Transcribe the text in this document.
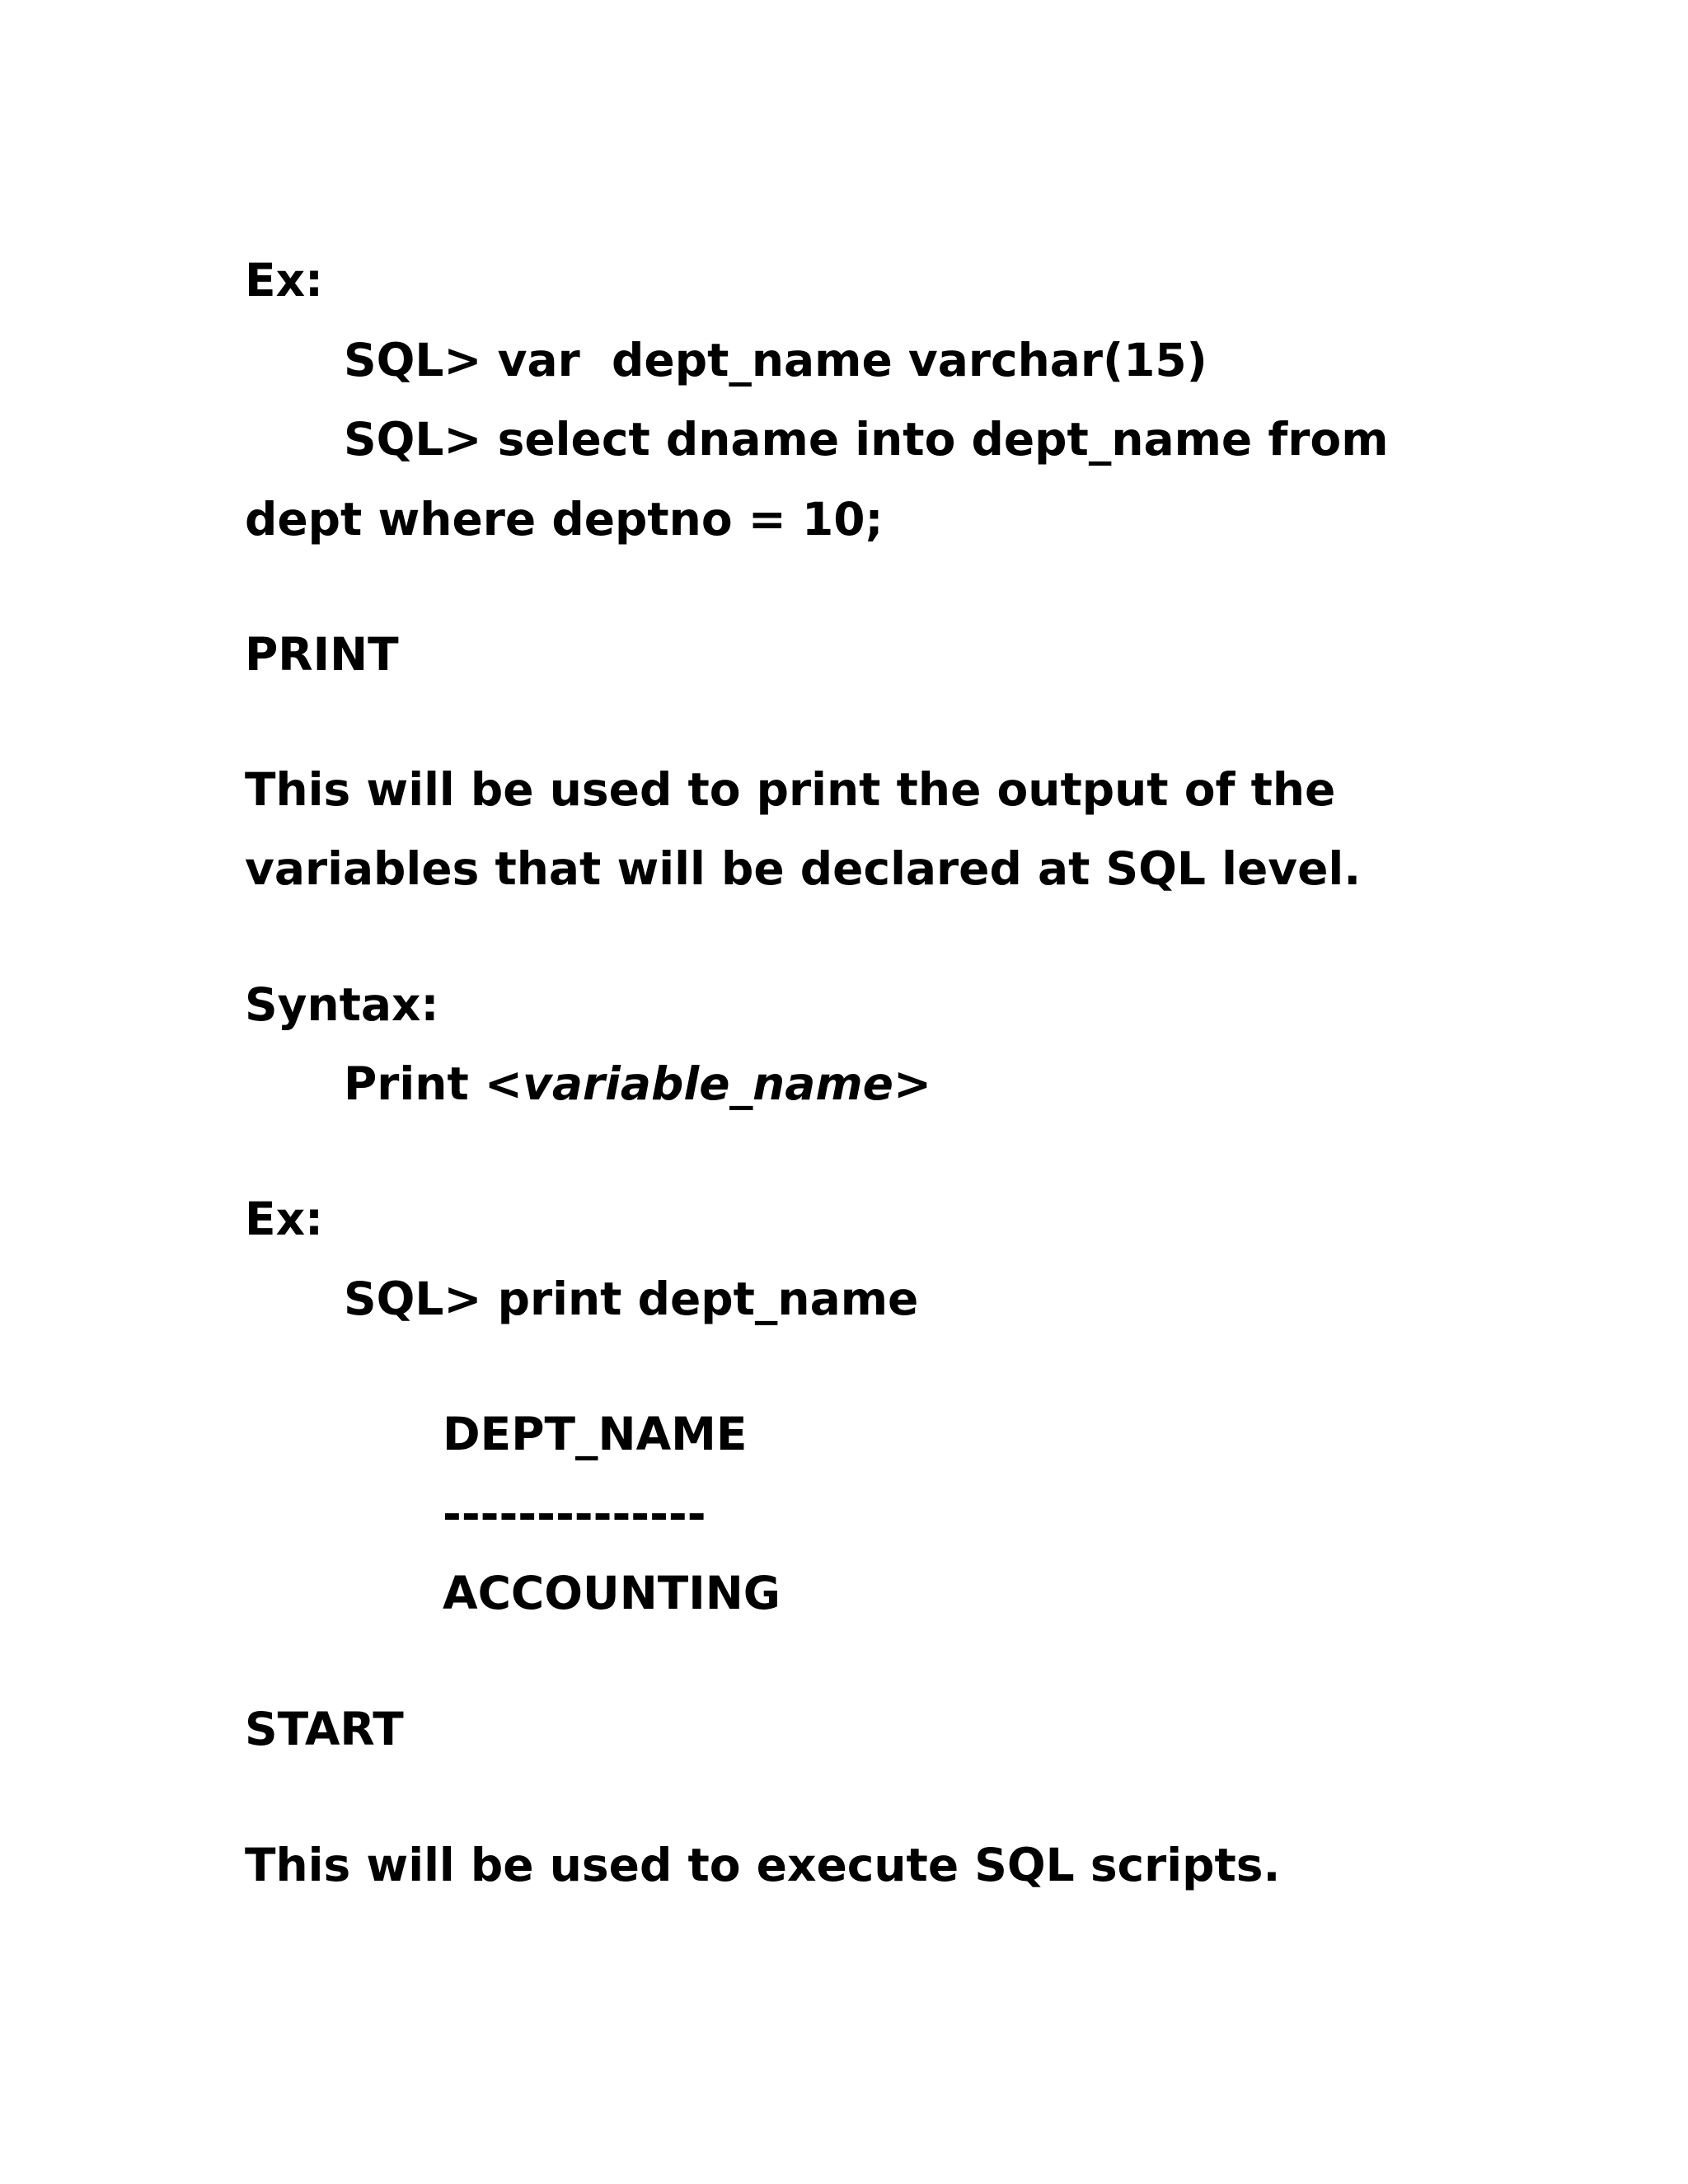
Ex:
SQL> var  dept_name varchar(15)
SQL> select dname into dept_name from
dept where deptno = 10;
PRINT
This will be used to print the output of the
variables that will be declared at SQL level.
Syntax:
Print <variable_name>
Ex:
SQL> print dept_name
DEPT_NAME
--------------
ACCOUNTING
START
This will be used to execute SQL scripts.
